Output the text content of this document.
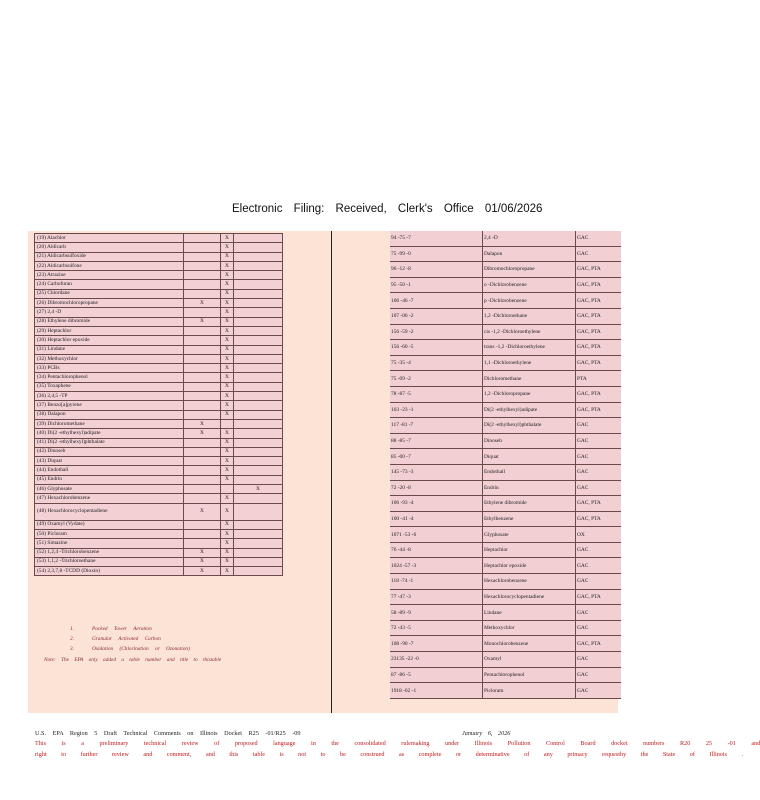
Electronic Filing: Received, Clerk's Office 01/06/2026
(19) Alachlor		X	
(20) Aldicarb		X	
(21) Aldicarbsulfoxide		X	
(22) Aldicarbsulfone		X	
(23) Atrazine		X	
(24) Carbofuran		X	
(25) Chlordane		X	
(26) Dibromochloropropane	X	X	
(27) 2,4 -D		X	
(28) Ethylene dibromide	X	X	
(29) Heptachlor		X	
(30) Heptachlor epoxide		X	
(31) Lindane		X	
(32) Methoxychlor		X	
(33) PCBs		X	
(34) Pentachlorophenol		X	
(35) Toxaphene		X	
(36) 2,4,5 -TP		X	
(37) Benzo[a]pyrene		X	
(38) Dalapon		X	
(39) Dichloromethane	X		
(40) Di(2 -ethylhexyl)adipate	X	X	
(41) Di(2 -ethylhexyl)phthalate		X	
(42) Dinoseb		X	
(43) Diquat		X	
(44) Endothall		X	
(45) Endrin		X	
(46) Glyphosate			X
(47) Hexachlorobenzene		X	
(48) Hexachlorocyclopentadiene	X	X	
(49) Oxamyl (Vydate)		X	
(50) Picloram		X	
(51) Simazine		X	
(52) 1,2,4 -Trichlorobenzene	X	X	
(53) 1,1,2 -Trichloroethane	X	X	
(54) 2,3,7,8 -TCDD (Dioxin)	X	X	
1.	Packed Tower Aeration
2.	Granular Activated Carbon
3.	Oxidation (Chlorination or Ozonation)
Note: The EPA only added a table number and title to thistable
94 -75 -7	2,4 -D	GAC
75 -99 -0	Dalapon	GAC
96 -12 -8	Dibromochloropropane	GAC, PTA
95 -50 -1	o -Dichlorobenzene	GAC, PTA
106 -46 -7	p -Dichlorobenzene	GAC, PTA
107 -06 -2	1,2 -Dichloroethane	GAC, PTA
156 -59 -2	cis -1,2 -Dichloroethylene	GAC, PTA
156 -60 -5	trans -1,2 -Dichloroethylene	GAC, PTA
75 -35 -4	1,1 -Dichloroethylene	GAC, PTA
75 -09 -2	Dichloromethane	PTA
78 -87 -5	1,2 -Dichloropropane	GAC, PTA
103 -23 -1	Di(2 -ethylhexyl)adipate	GAC, PTA
117 -81 -7	Di(2 -ethylhexyl)phthalate	GAC
88 -85 -7	Dinoseb	GAC
85 -00 -7	Diquat	GAC
145 -73 -3	Endothall	GAC
72 -20 -8	Endrin	GAC
106 -93 -4	Ethylene dibromide	GAC, PTA
100 -41 -4	Ethylbenzene	GAC, PTA
1071 -53 -6	Glyphosate	OX
76 -44 -8	Heptachlor	GAC
1024 -57 -3	Heptachlor epoxide	GAC
118 -74 -1	Hexachlorobenzene	GAC
77 -47 -3	Hexachlorocyclopentadiene	GAC, PTA
58 -89 -9	Lindane	GAC
72 -43 -5	Methoxychlor	GAC
108 -90 -7	Monochlorobenzene	GAC, PTA
23135 -22 -0	Oxamyl	GAC
87 -86 -5	Pentachlorophenol	GAC
1918 -02 -1	Picloram	GAC
U.S. EPA Region 5 Draft Technical Comments on Illinois Docket R25 -01/R25 -09	January 6, 2026
This is a preliminary technical review of proposed language in the consolidated rulemaking under Illinois Pollution Control Board docket numbers R20 25 -01 and
right to further review and comment, and this table is not to be construed as complete or determinative of any primacy requestby the State of Illinois .
